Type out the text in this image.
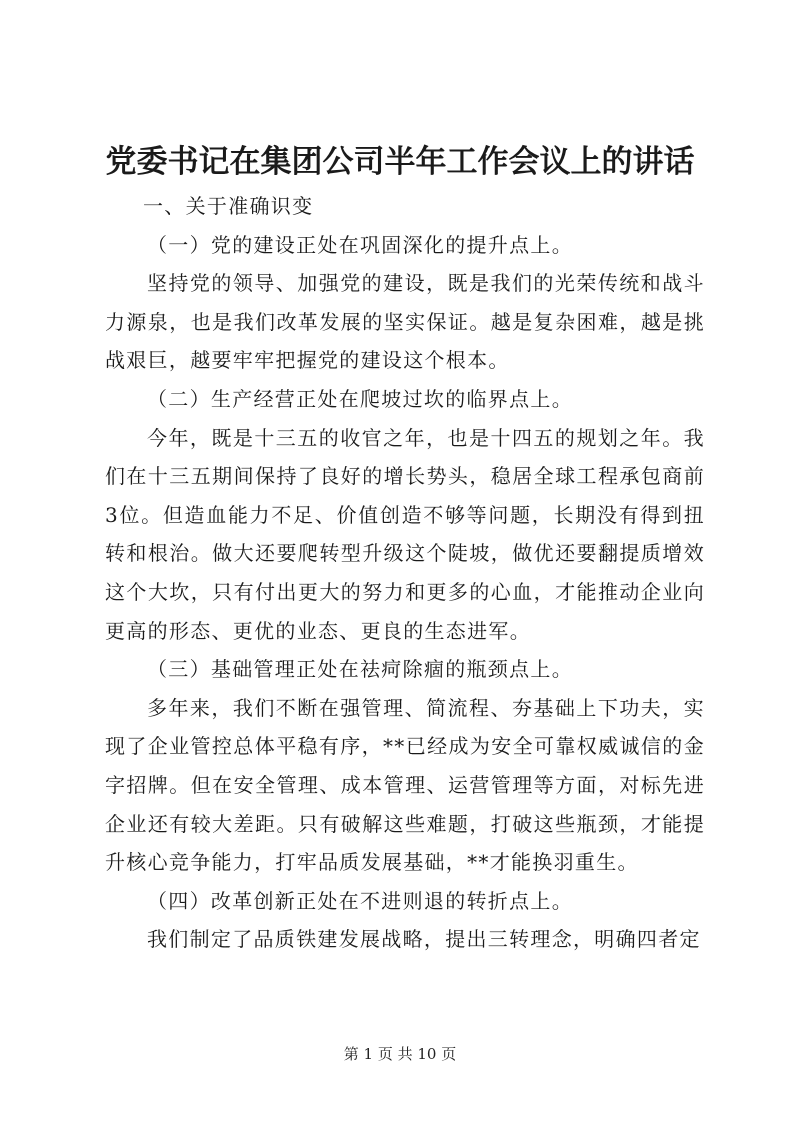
党委书记在集团公司半年工作会议上的讲话

一、关于准确识变

（一）党的建设正处在巩固深化的提升点上。

坚持党的领导、加强党的建设，既是我们的光荣传统和战斗力源泉，也是我们改革发展的坚实保证。越是复杂困难，越是挑战艰巨，越要牢牢把握党的建设这个根本。

（二）生产经营正处在爬坡过坎的临界点上。

今年，既是十三五的收官之年，也是十四五的规划之年。我们在十三五期间保持了良好的增长势头，稳居全球工程承包商前3位。但造血能力不足、价值创造不够等问题，长期没有得到扭转和根治。做大还要爬转型升级这个陡坡，做优还要翻提质增效这个大坎，只有付出更大的努力和更多的心血，才能推动企业向更高的形态、更优的业态、更良的生态进军。

（三）基础管理正处在祛疴除痼的瓶颈点上。

多年来，我们不断在强管理、简流程、夯基础上下功夫，实现了企业管控总体平稳有序，**已经成为安全可靠权威诚信的金字招牌。但在安全管理、成本管理、运营管理等方面，对标先进企业还有较大差距。只有破解这些难题，打破这些瓶颈，才能提升核心竞争能力，打牢品质发展基础，**才能换羽重生。

（四）改革创新正处在不进则退的转折点上。

我们制定了品质铁建发展战略，提出三转理念，明确四者定

第 1 页 共 10 页
